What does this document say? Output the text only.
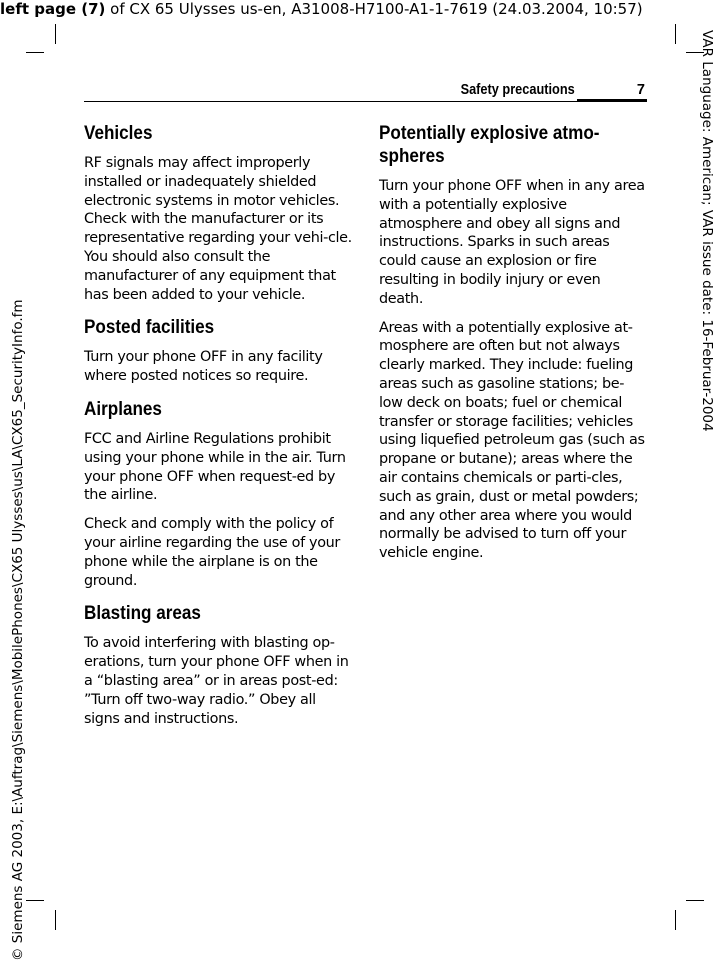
left page (7) of CX 65 Ulysses us-en, A31008-H7100-A1-1-7619 (24.03.2004, 10:57)
© Siemens AG 2003, E:\Auftrag\Siemens\MobilePhones\CX65 Ulysses\us\LA\CX65_SecurityInfo.fm
VAR Language: American; VAR issue date: 16-Februar-2004
Safety precautions	7
Vehicles

RF signals may affect improperly installed or inadequately shielded electronic systems in motor vehicles. Check with the manufacturer or its representative regarding your vehi-cle. You should also consult the manufacturer of any equipment that has been added to your vehicle.

Posted facilities

Turn your phone OFF in any facility where posted notices so require.

Airplanes

FCC and Airline Regulations prohibit using your phone while in the air. Turn your phone OFF when request-ed by the airline.

Check and comply with the policy of your airline regarding the use of your phone while the airplane is on the ground.

Blasting areas

To avoid interfering with blasting op-erations, turn your phone OFF when in a “blasting area” or in areas post-ed: ”Turn off two-way radio.” Obey all signs and instructions.

Potentially explosive atmo-spheres

Turn your phone OFF when in any area with a potentially explosive atmosphere and obey all signs and instructions. Sparks in such areas could cause an explosion or fire resulting in bodily injury or even death.

Areas with a potentially explosive at-mosphere are often but not always clearly marked. They include: fueling areas such as gasoline stations; be-low deck on boats; fuel or chemical transfer or storage facilities; vehicles using liquefied petroleum gas (such as propane or butane); areas where the air contains chemicals or parti-cles, such as grain, dust or metal powders; and any other area where you would normally be advised to turn off your vehicle engine.
